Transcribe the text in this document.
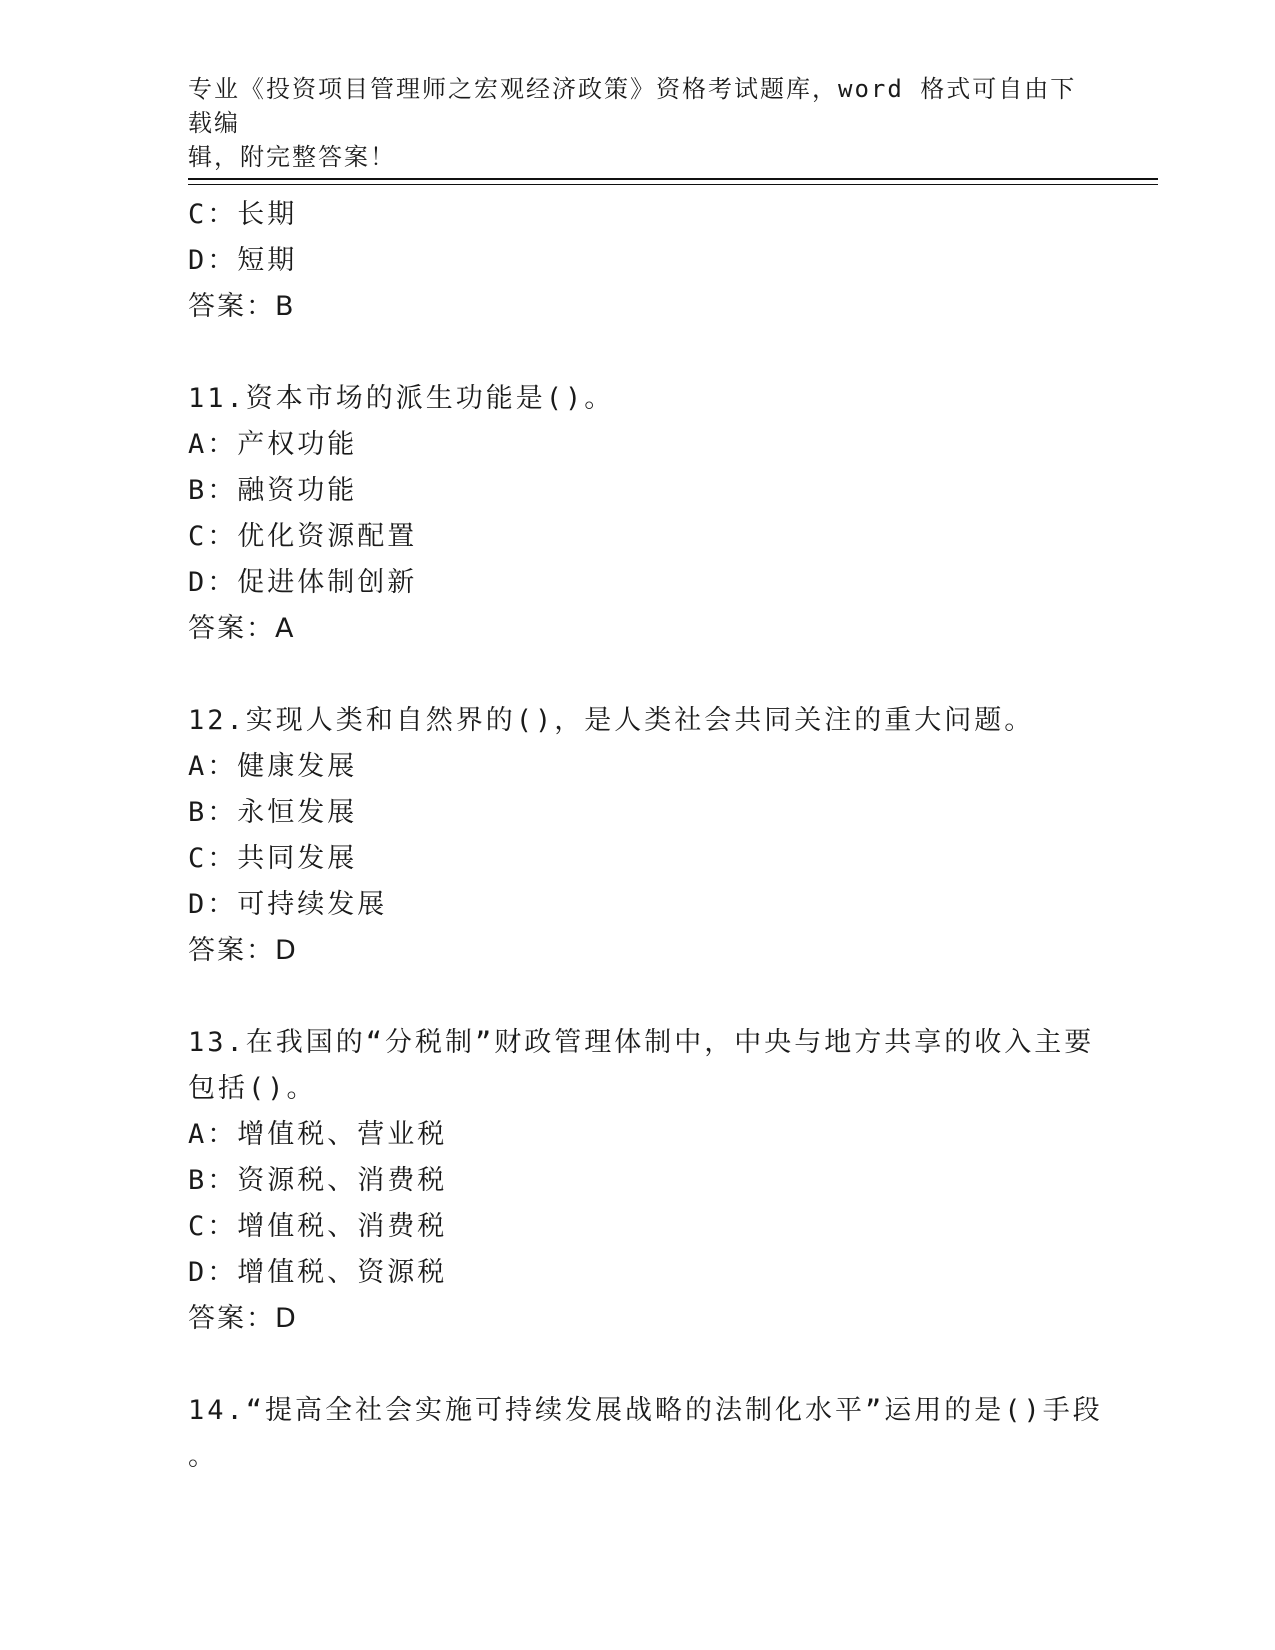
专业《投资项目管理师之宏观经济政策》资格考试题库，word 格式可自由下载编
辑，附完整答案！
C：长期
D：短期
答案：B
11.资本市场的派生功能是()。
A：产权功能
B：融资功能
C：优化资源配置
D：促进体制创新
答案：A
12.实现人类和自然界的()，是人类社会共同关注的重大问题。
A：健康发展
B：永恒发展
C：共同发展
D：可持续发展
答案：D
13.在我国的“分税制”财政管理体制中，中央与地方共享的收入主要
包括()。
A：增值税、营业税
B：资源税、消费税
C：增值税、消费税
D：增值税、资源税
答案：D
14.“提高全社会实施可持续发展战略的法制化水平”运用的是()手段
。
